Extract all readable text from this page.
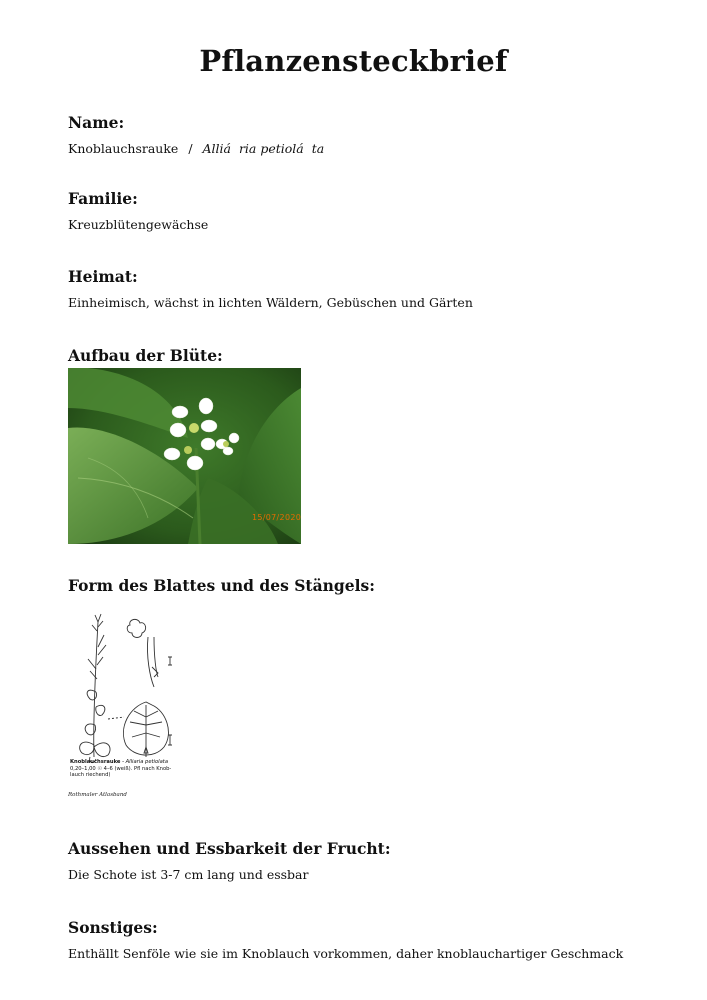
Pflanzensteckbrief
Name:
Knoblauchsrauke / Alliá  ria petiolá  ta
Familie:
Kreuzblütengewächse
Heimat:
Einheimisch, wächst in lichten Wäldern, Gebüschen und Gärten
Aufbau der Blüte:
15/07/2020
Form des Blattes und des Stängels:
Knoblauchsrauke - Alliaria petiolata
0,20–1,00 ☉ 4–6 (weiß). Pfl nach Knob-
lauch riechend)
Rothmaler Atlasband
Aussehen und Essbarkeit der Frucht:
Die Schote ist 3-7 cm lang und essbar
Sonstiges:
Enthällt Senföle wie sie im Knoblauch vorkommen, daher knoblauchartiger Geschmack
